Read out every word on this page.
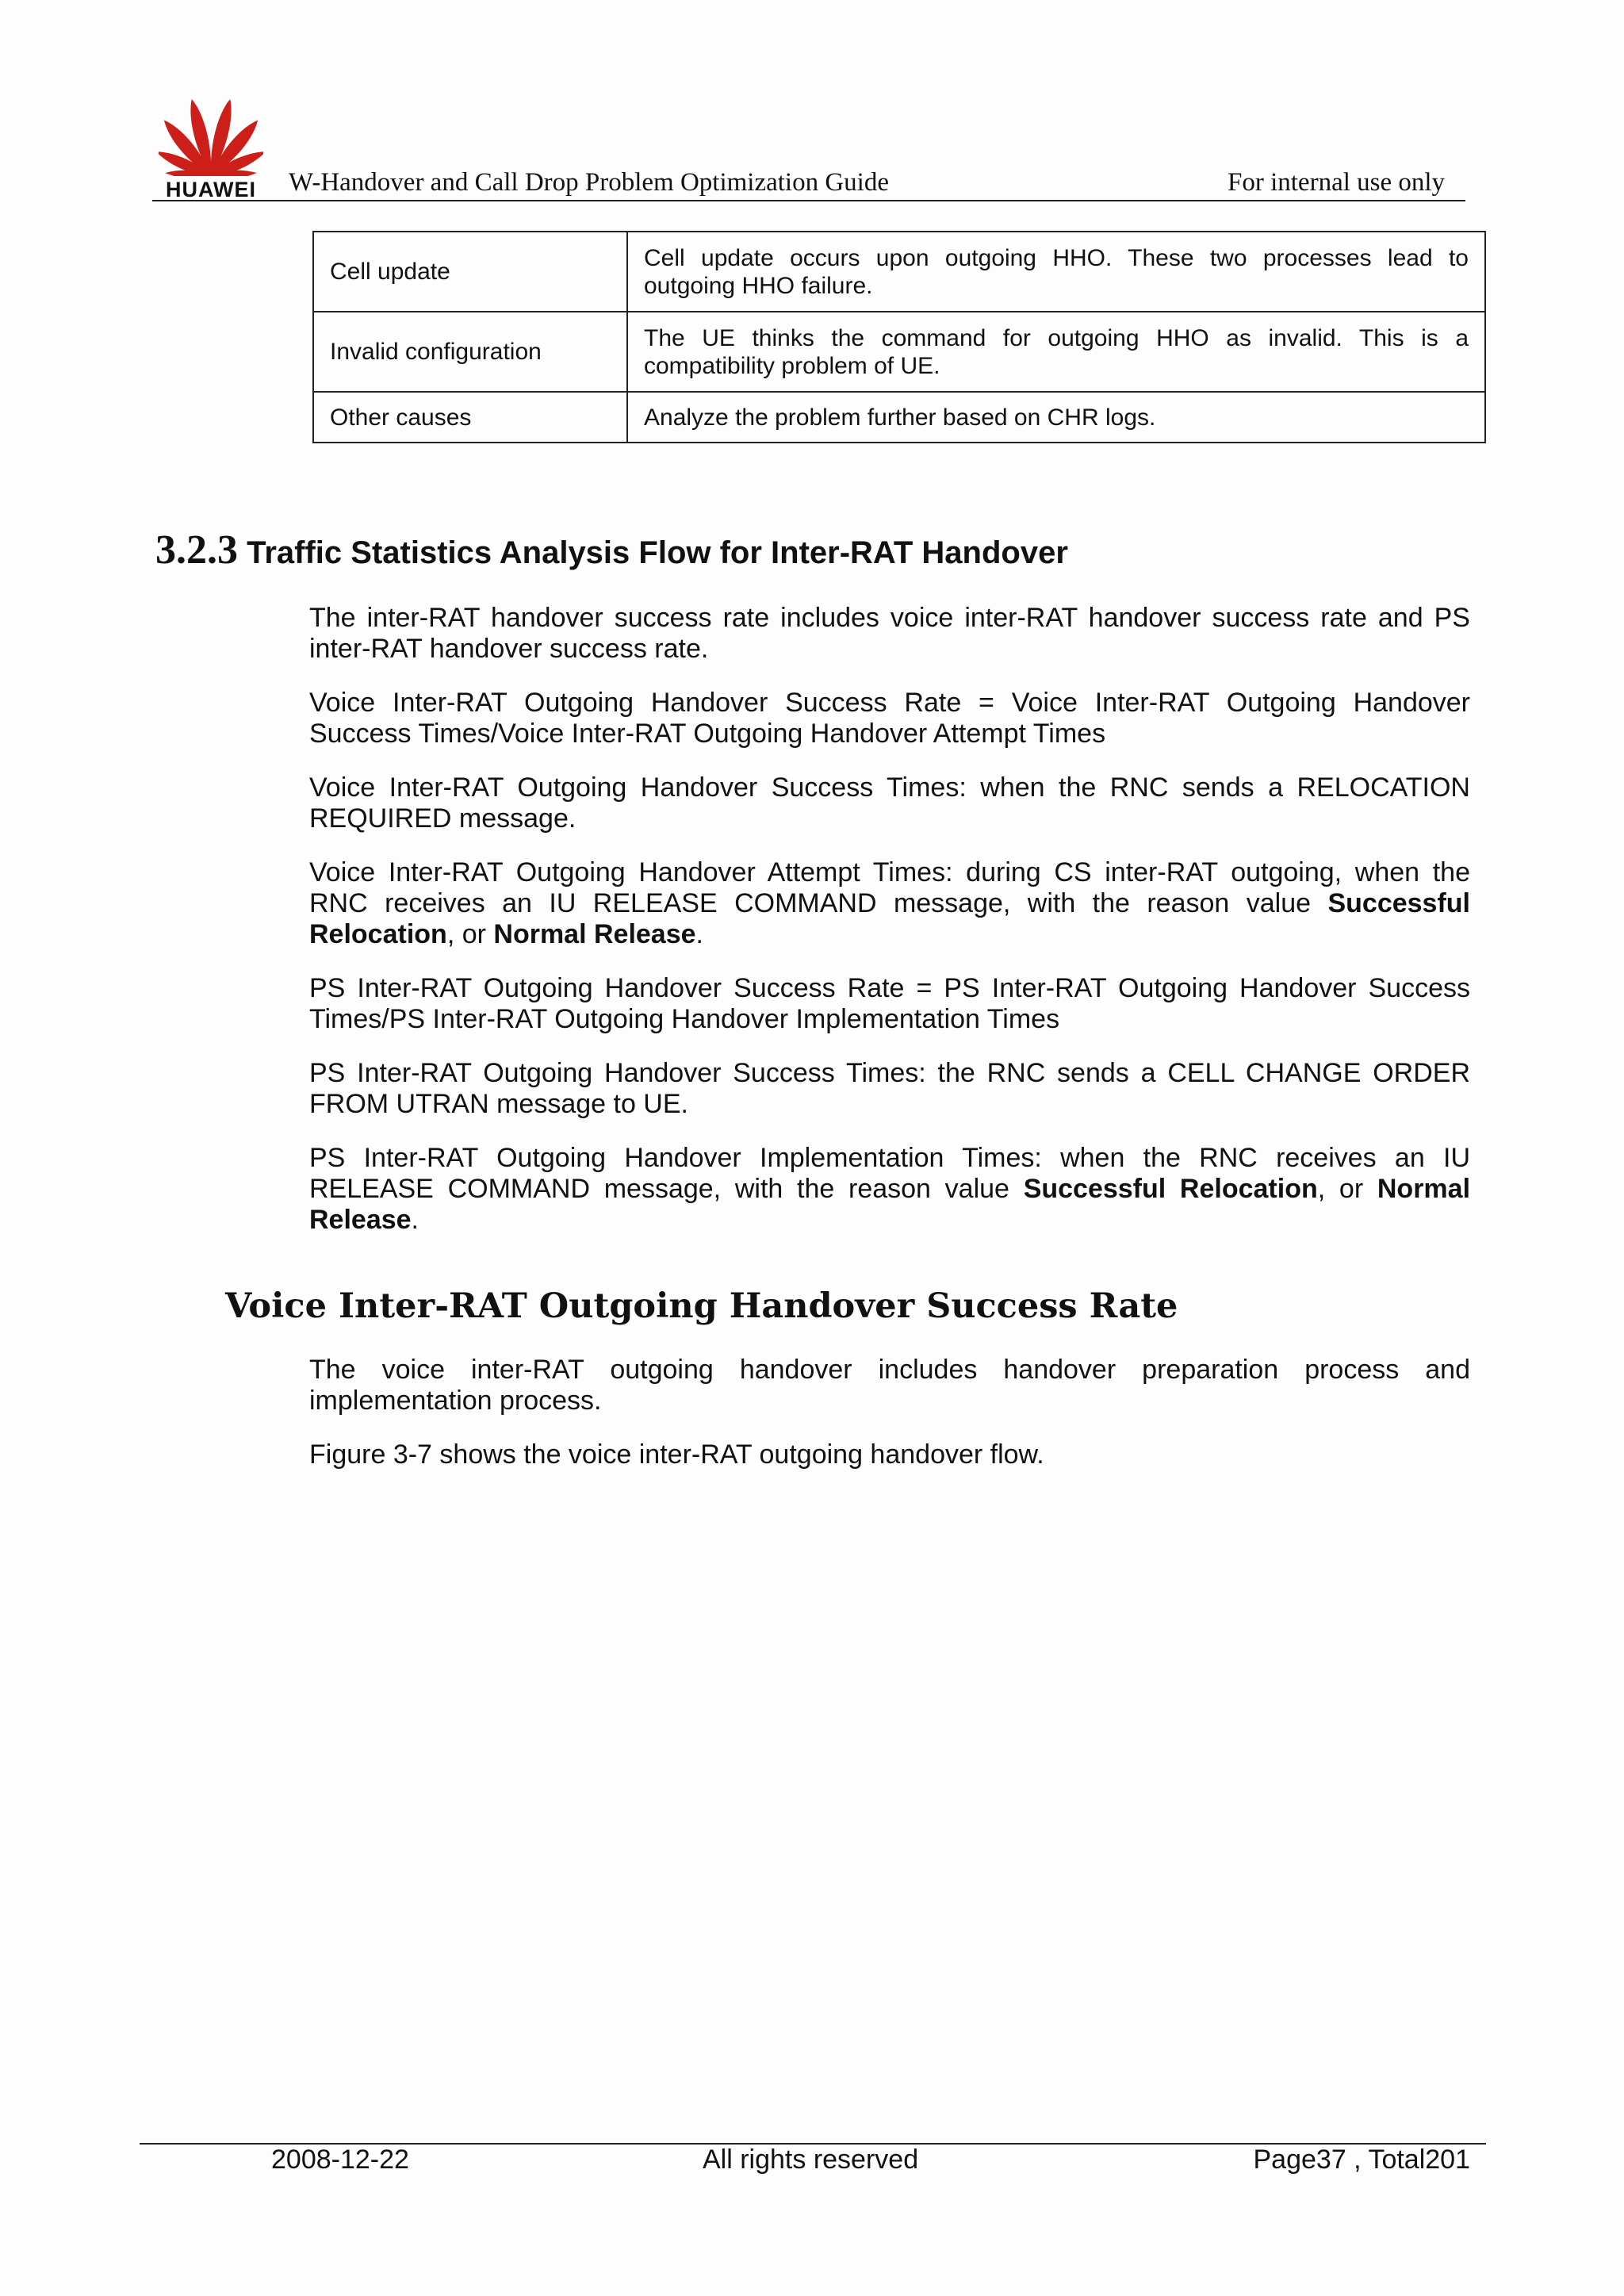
HUAWEI	W-Handover and Call Drop Problem Optimization Guide	For internal use only
Cell update	Cell update occurs upon outgoing HHO. These two processes lead to outgoing HHO failure.
Invalid configuration	The UE thinks the command for outgoing HHO as invalid. This is a compatibility problem of UE.
Other causes	Analyze the problem further based on CHR logs.
3.2.3 Traffic Statistics Analysis Flow for Inter-RAT Handover

The inter-RAT handover success rate includes voice inter-RAT handover success rate and PS inter-RAT handover success rate.

Voice Inter-RAT Outgoing Handover Success Rate = Voice Inter-RAT Outgoing Handover Success Times/Voice Inter-RAT Outgoing Handover Attempt Times

Voice Inter-RAT Outgoing Handover Success Times: when the RNC sends a RELOCATION REQUIRED message.

Voice Inter-RAT Outgoing Handover Attempt Times: during CS inter-RAT outgoing, when the RNC receives an IU RELEASE COMMAND message, with the reason value Successful Relocation, or Normal Release.

PS Inter-RAT Outgoing Handover Success Rate = PS Inter-RAT Outgoing Handover Success Times/PS Inter-RAT Outgoing Handover Implementation Times

PS Inter-RAT Outgoing Handover Success Times: the RNC sends a CELL CHANGE ORDER FROM UTRAN message to UE.

PS Inter-RAT Outgoing Handover Implementation Times: when the RNC receives an IU RELEASE COMMAND message, with the reason value Successful Relocation, or Normal Release.

Voice Inter-RAT Outgoing Handover Success Rate

The voice inter-RAT outgoing handover includes handover preparation process and implementation process.

Figure 3-7 shows the voice inter-RAT outgoing handover flow.

2008-12-22	All rights reserved	Page37 , Total201
